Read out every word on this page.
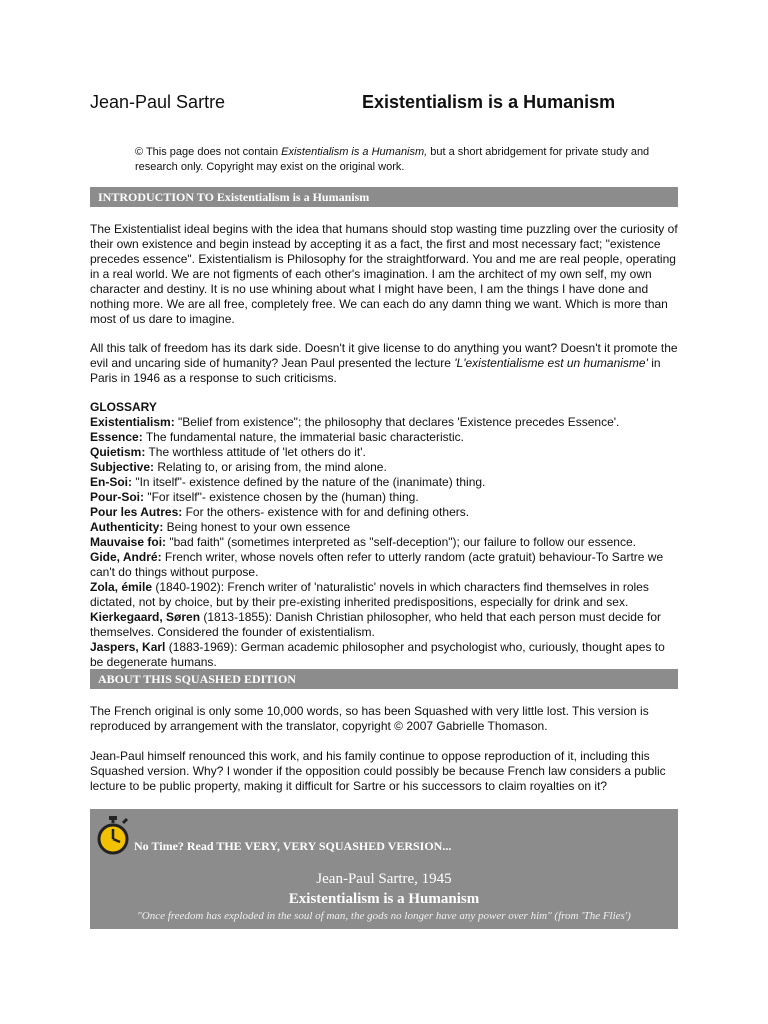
Jean-Paul Sartre	Existentialism is a Humanism
© This page does not contain Existentialism is a Humanism, but a short abridgement for private study and research only. Copyright may exist on the original work.
INTRODUCTION TO Existentialism is a Humanism

The Existentialist ideal begins with the idea that humans should stop wasting time puzzling over the curiosity of their own existence and begin instead by accepting it as a fact, the first and most necessary fact; "existence precedes essence". Existentialism is Philosophy for the straightforward. You and me are real people, operating in a real world. We are not figments of each other's imagination. I am the architect of my own self, my own character and destiny. It is no use whining about what I might have been, I am the things I have done and nothing more. We are all free, completely free. We can each do any damn thing we want. Which is more than most of us dare to imagine.

All this talk of freedom has its dark side. Doesn't it give license to do anything you want? Doesn't it promote the evil and uncaring side of humanity? Jean Paul presented the lecture 'L'existentialisme est un humanisme' in Paris in 1946 as a response to such criticisms.

GLOSSARY

Existentialism: "Belief from existence"; the philosophy that declares 'Existence precedes Essence'.

Essence: The fundamental nature, the immaterial basic characteristic.

Quietism: The worthless attitude of 'let others do it'.

Subjective: Relating to, or arising from, the mind alone.

En-Soi: "In itself"- existence defined by the nature of the (inanimate) thing.

Pour-Soi: "For itself"- existence chosen by the (human) thing.

Pour les Autres: For the others- existence with for and defining others.

Authenticity: Being honest to your own essence

Mauvaise foi: "bad faith" (sometimes interpreted as "self-deception"); our failure to follow our essence.

Gide, André: French writer, whose novels often refer to utterly random (acte gratuit) behaviour-To Sartre we can't do things without purpose.

Zola, émile (1840-1902): French writer of 'naturalistic' novels in which characters find themselves in roles dictated, not by choice, but by their pre-existing inherited predispositions, especially for drink and sex.

Kierkegaard, Søren (1813-1855): Danish Christian philosopher, who held that each person must decide for themselves. Considered the founder of existentialism.

Jaspers, Karl (1883-1969): German academic philosopher and psychologist who, curiously, thought apes to be degenerate humans.

ABOUT THIS SQUASHED EDITION

The French original is only some 10,000 words, so has been Squashed with very little lost. This version is reproduced by arrangement with the translator, copyright © 2007 Gabrielle Thomason.

Jean-Paul himself renounced this work, and his family continue to oppose reproduction of it, including this Squashed version. Why? I wonder if the opposition could possibly be because French law considers a public lecture to be public property, making it difficult for Sartre or his successors to claim royalties on it?

No Time? Read THE VERY, VERY SQUASHED VERSION...
Jean-Paul Sartre, 1945
Existentialism is a Humanism
"Once freedom has exploded in the soul of man, the gods no longer have any power over him" (from 'The Flies')
